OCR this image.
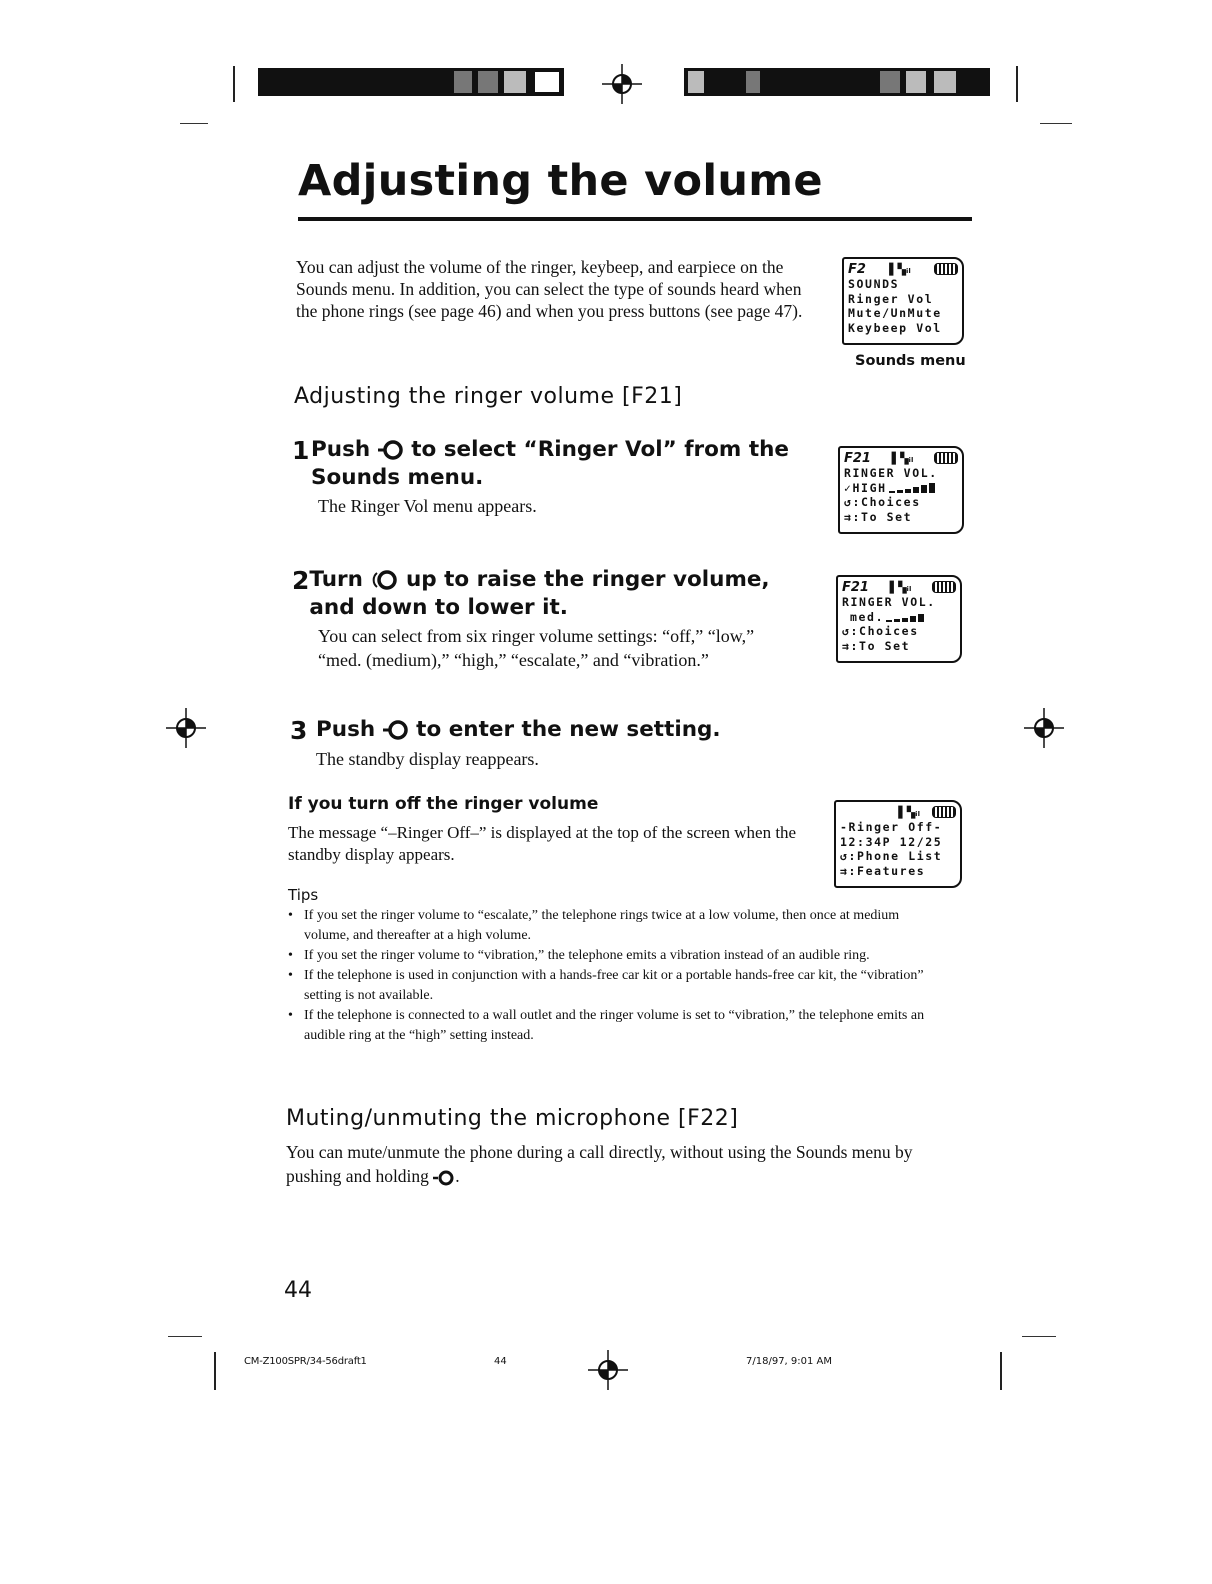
Adjusting the volume

You can adjust the volume of the ringer, keybeep, and earpiece on the Sounds menu. In addition, you can select the type of sounds heard when the phone rings (see page 46) and when you press buttons (see page 47).

F2 ▌▚ᵢₗ
SOUNDS
Ringer Vol
Mute/UnMute
Keybeep Vol
Sounds menu
Adjusting the ringer volume [F21]
1 Push to select “Ringer Vol” from the Sounds menu.
The Ringer Vol menu appears.
F21 ▌▚ᵢₗ
RINGER VOL.
✓HIGH
↺:Choices
⇉:To Set
2 Turn up to raise the ringer volume, and down to lower it.
You can select from six ringer volume settings: “off,” “low,” “med. (medium),” “high,” “escalate,” and “vibration.”
F21 ▌▚ᵢₗ
RINGER VOL.
med.
↺:Choices
⇉:To Set
3 Push to enter the new setting.
The standby display reappears.
If you turn off the ringer volume

The message “–Ringer Off–” is displayed at the top of the screen when the standby display appears.

▌▚ᵢₗ
-Ringer Off-
12:34P 12/25
↺:Phone List
⇉:Features
Tips
• If you set the ringer volume to “escalate,” the telephone rings twice at a low volume, then once at medium volume, and thereafter at a high volume.
• If you set the ringer volume to “vibration,” the telephone emits a vibration instead of an audible ring.
• If the telephone is used in conjunction with a hands-free car kit or a portable hands-free car kit, the “vibration” setting is not available.
• If the telephone is connected to a wall outlet and the ringer volume is set to “vibration,” the telephone emits an audible ring at the “high” setting instead.
Muting/unmuting the microphone [F22]
You can mute/unmute the phone during a call directly, without using the Sounds menu by pushing and holding .
44
CM-Z100SPR/34-56draft1	44	7/18/97, 9:01 AM
